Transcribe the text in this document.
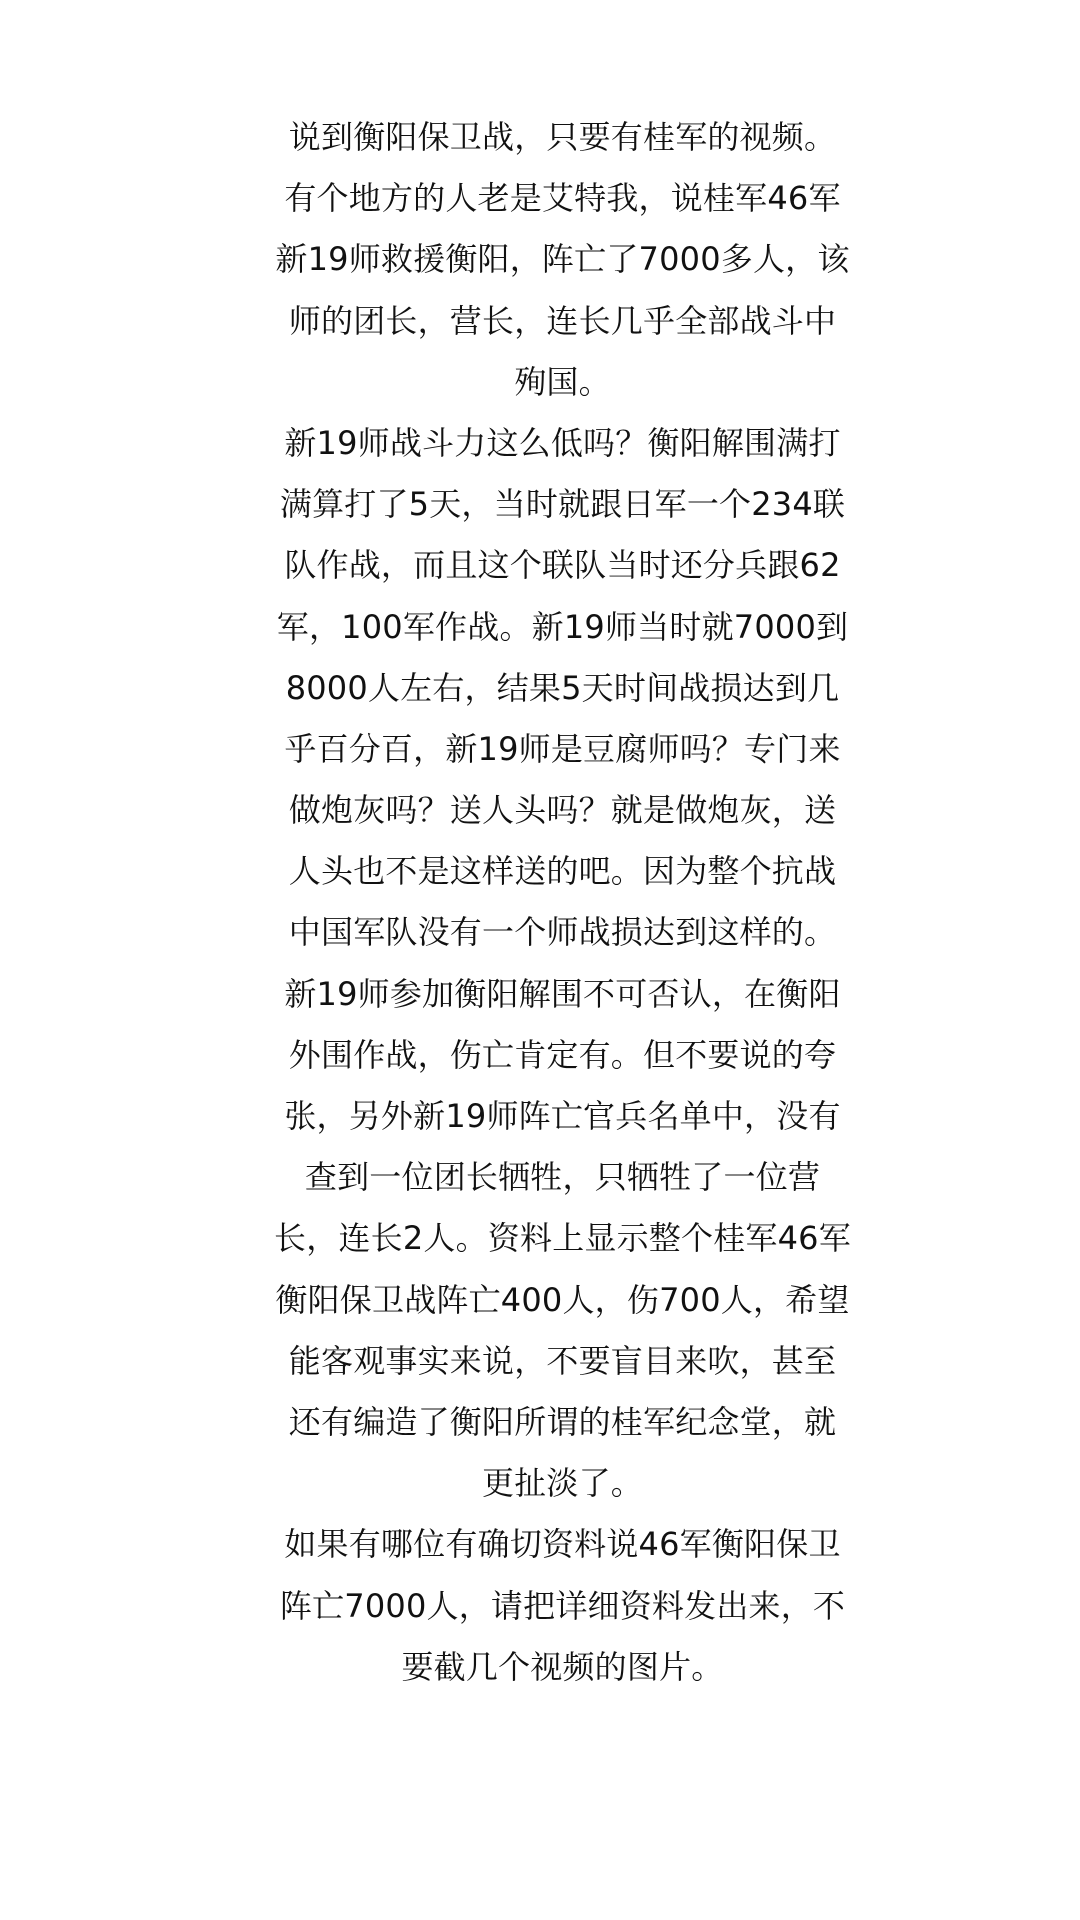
说到衡阳保卫战，只要有桂军的视频。
有个地方的人老是艾特我，说桂军46军
新19师救援衡阳，阵亡了7000多人，该
师的团长，营长，连长几乎全部战斗中
殉国。
新19师战斗力这么低吗？衡阳解围满打
满算打了5天，当时就跟日军一个234联
队作战，而且这个联队当时还分兵跟62
军，100军作战。新19师当时就7000到
8000人左右，结果5天时间战损达到几
乎百分百，新19师是豆腐师吗？专门来
做炮灰吗？送人头吗？就是做炮灰，送
人头也不是这样送的吧。因为整个抗战
中国军队没有一个师战损达到这样的。
新19师参加衡阳解围不可否认，在衡阳
外围作战，伤亡肯定有。但不要说的夸
张，另外新19师阵亡官兵名单中，没有
查到一位团长牺牲，只牺牲了一位营
长，连长2人。资料上显示整个桂军46军
衡阳保卫战阵亡400人，伤700人，希望
能客观事实来说，不要盲目来吹，甚至
还有编造了衡阳所谓的桂军纪念堂，就
更扯淡了。
如果有哪位有确切资料说46军衡阳保卫
阵亡7000人，请把详细资料发出来，不
要截几个视频的图片。
